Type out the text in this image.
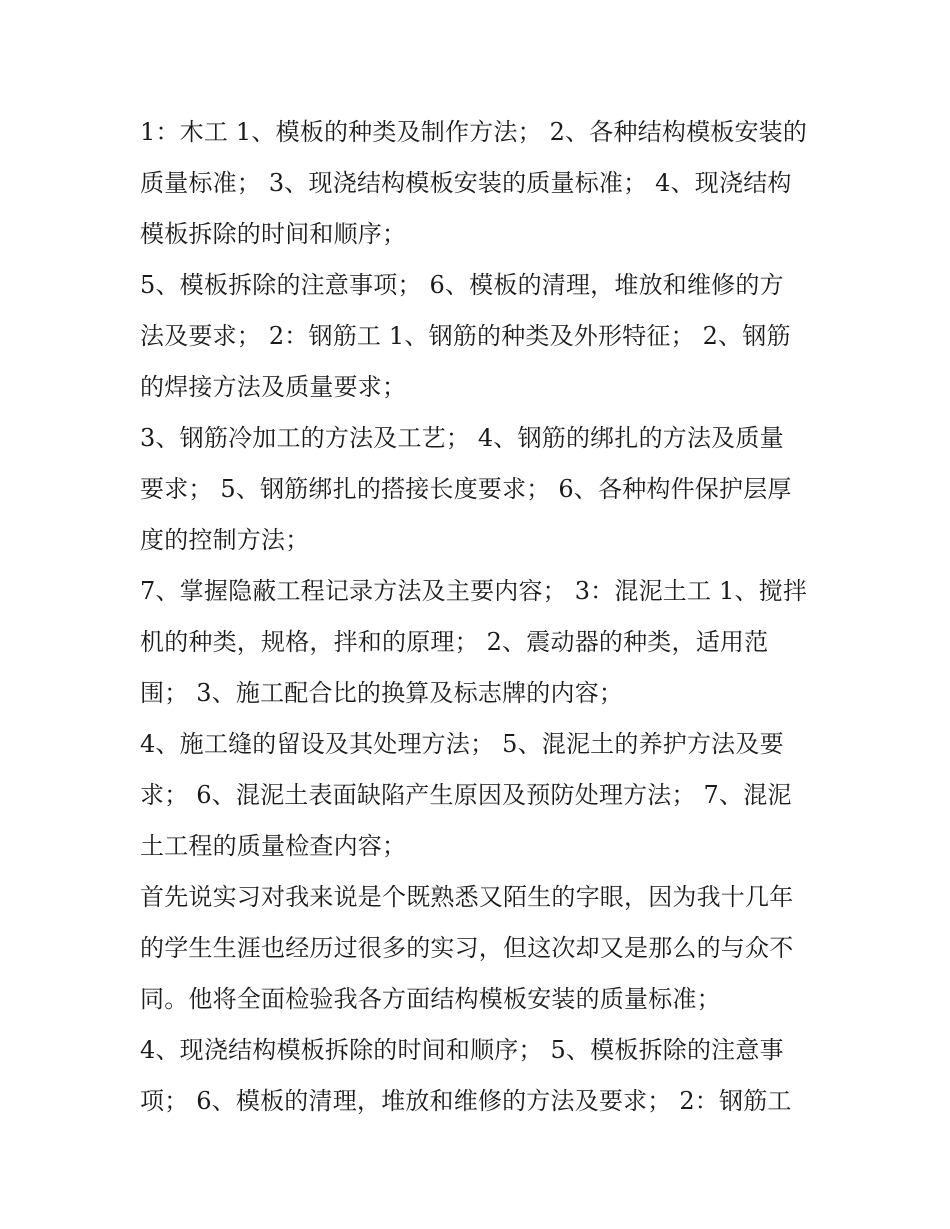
1：木工 1、模板的种类及制作方法； 2、各种结构模板安装的
质量标准； 3、现浇结构模板安装的质量标准； 4、现浇结构
模板拆除的时间和顺序；
5、模板拆除的注意事项； 6、模板的清理，堆放和维修的方
法及要求； 2：钢筋工 1、钢筋的种类及外形特征； 2、钢筋
的焊接方法及质量要求；
3、钢筋冷加工的方法及工艺； 4、钢筋的绑扎的方法及质量
要求； 5、钢筋绑扎的搭接长度要求； 6、各种构件保护层厚
度的控制方法；
7、掌握隐蔽工程记录方法及主要内容； 3：混泥土工 1、搅拌
机的种类，规格，拌和的原理； 2、震动器的种类，适用范
围； 3、施工配合比的换算及标志牌的内容；
4、施工缝的留设及其处理方法； 5、混泥土的养护方法及要
求； 6、混泥土表面缺陷产生原因及预防处理方法； 7、混泥
土工程的质量检查内容；
首先说实习对我来说是个既熟悉又陌生的字眼，因为我十几年
的学生生涯也经历过很多的实习，但这次却又是那么的与众不
同。他将全面检验我各方面结构模板安装的质量标准；
4、现浇结构模板拆除的时间和顺序； 5、模板拆除的注意事
项； 6、模板的清理，堆放和维修的方法及要求； 2：钢筋工
